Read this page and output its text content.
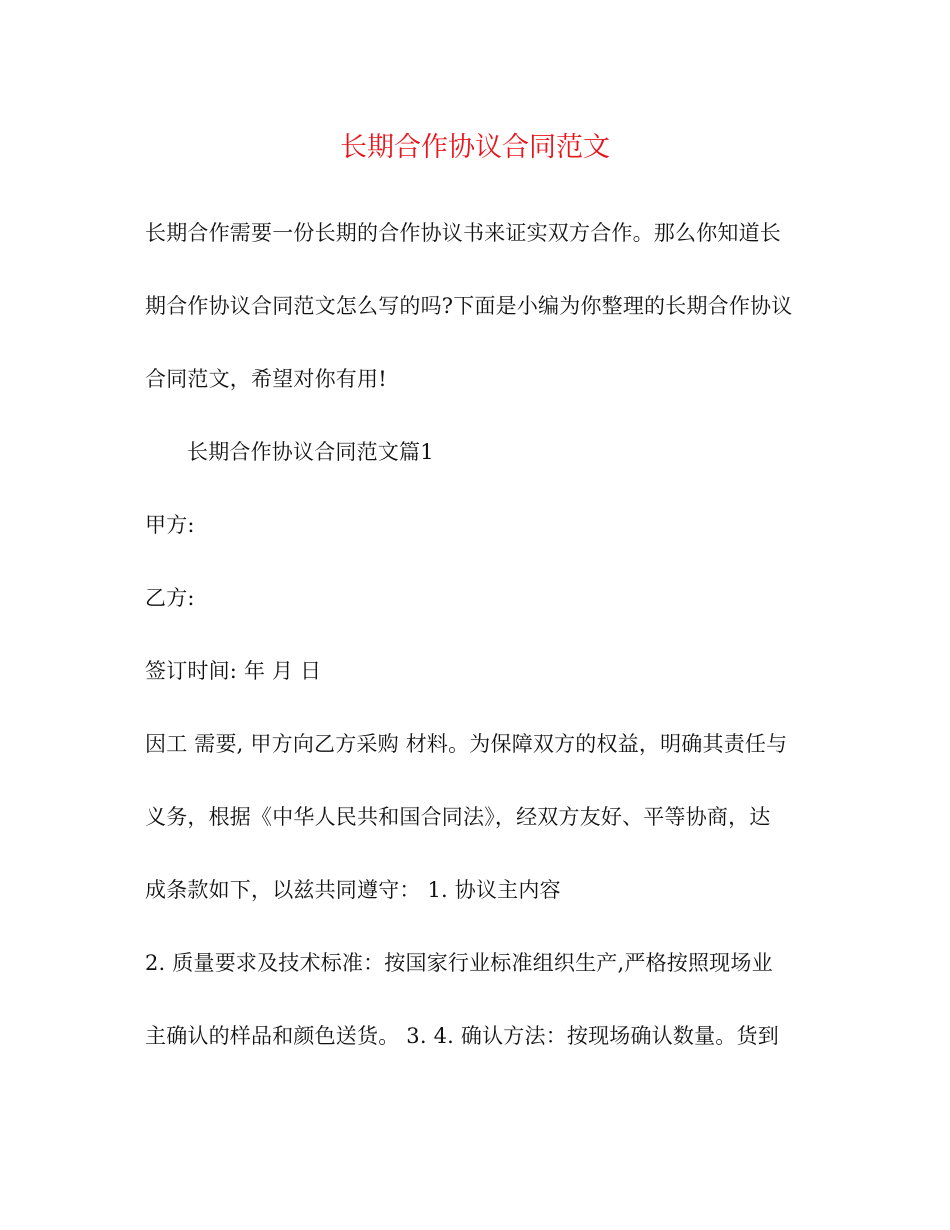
长期合作协议合同范文
长期合作需要一份长期的合作协议书来证实双方合作。那么你知道长
期合作协议合同范文怎么写的吗?下面是小编为你整理的长期合作协议
合同范文，希望对你有用!
长期合作协议合同范文篇1
甲方:
乙方:
签订时间: 年 月 日
因工 需要, 甲方向乙方采购 材料。为保障双方的权益，明确其责任与
义务，根据《中华人民共和国合同法》，经双方友好、平等协商，达
成条款如下，以兹共同遵守： 1. 协议主内容
2. 质量要求及技术标准：按国家行业标准组织生产,严格按照现场业
主确认的样品和颜色送货。 3. 4. 确认方法：按现场确认数量。货到
